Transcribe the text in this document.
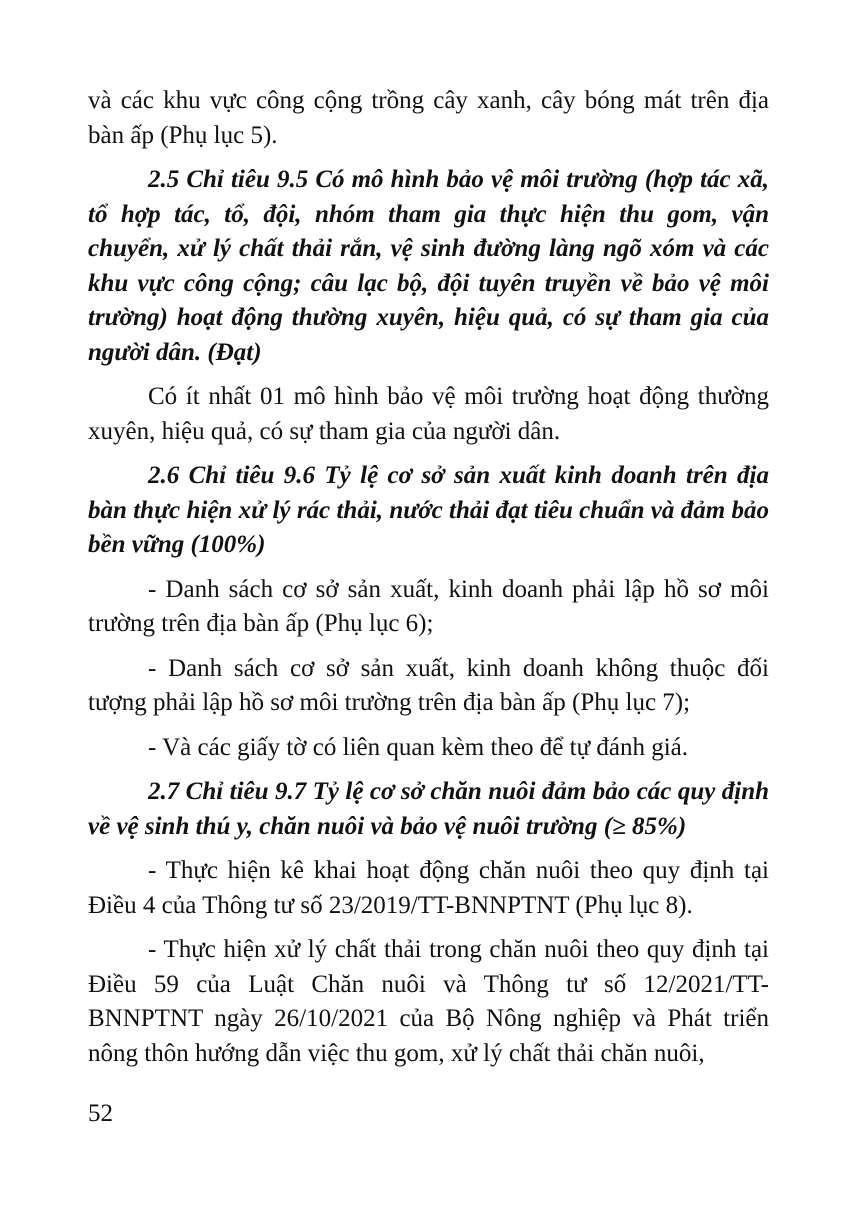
và các khu vực công cộng trồng cây xanh, cây bóng mát trên địa bàn ấp (Phụ lục 5).

2.5 Chỉ tiêu 9.5 Có mô hình bảo vệ môi trường (hợp tác xã, tổ hợp tác, tổ, đội, nhóm tham gia thực hiện thu gom, vận chuyển, xử lý chất thải rắn, vệ sinh đường làng ngõ xóm và các khu vực công cộng; câu lạc bộ, đội tuyên truyền về bảo vệ môi trường) hoạt động thường xuyên, hiệu quả, có sự tham gia của người dân. (Đạt)

Có ít nhất 01 mô hình bảo vệ môi trường hoạt động thường xuyên, hiệu quả, có sự tham gia của người dân.

2.6 Chỉ tiêu 9.6 Tỷ lệ cơ sở sản xuất kinh doanh trên địa bàn thực hiện xử lý rác thải, nước thải đạt tiêu chuẩn và đảm bảo bền vững (100%)

- Danh sách cơ sở sản xuất, kinh doanh phải lập hồ sơ môi trường trên địa bàn ấp (Phụ lục 6);

- Danh sách cơ sở sản xuất, kinh doanh không thuộc đối tượng phải lập hồ sơ môi trường trên địa bàn ấp (Phụ lục 7);

- Và các giấy tờ có liên quan kèm theo để tự đánh giá.

2.7 Chỉ tiêu 9.7 Tỷ lệ cơ sở chăn nuôi đảm bảo các quy định về vệ sinh thú y, chăn nuôi và bảo vệ nuôi trường (≥ 85%)

- Thực hiện kê khai hoạt động chăn nuôi theo quy định tại Điều 4 của Thông tư số 23/2019/TT-BNNPTNT (Phụ lục 8).

- Thực hiện xử lý chất thải trong chăn nuôi theo quy định tại Điều 59 của Luật Chăn nuôi và Thông tư số 12/2021/TT-BNNPTNT ngày 26/10/2021 của Bộ Nông nghiệp và Phát triển nông thôn hướng dẫn việc thu gom, xử lý chất thải chăn nuôi,

52
